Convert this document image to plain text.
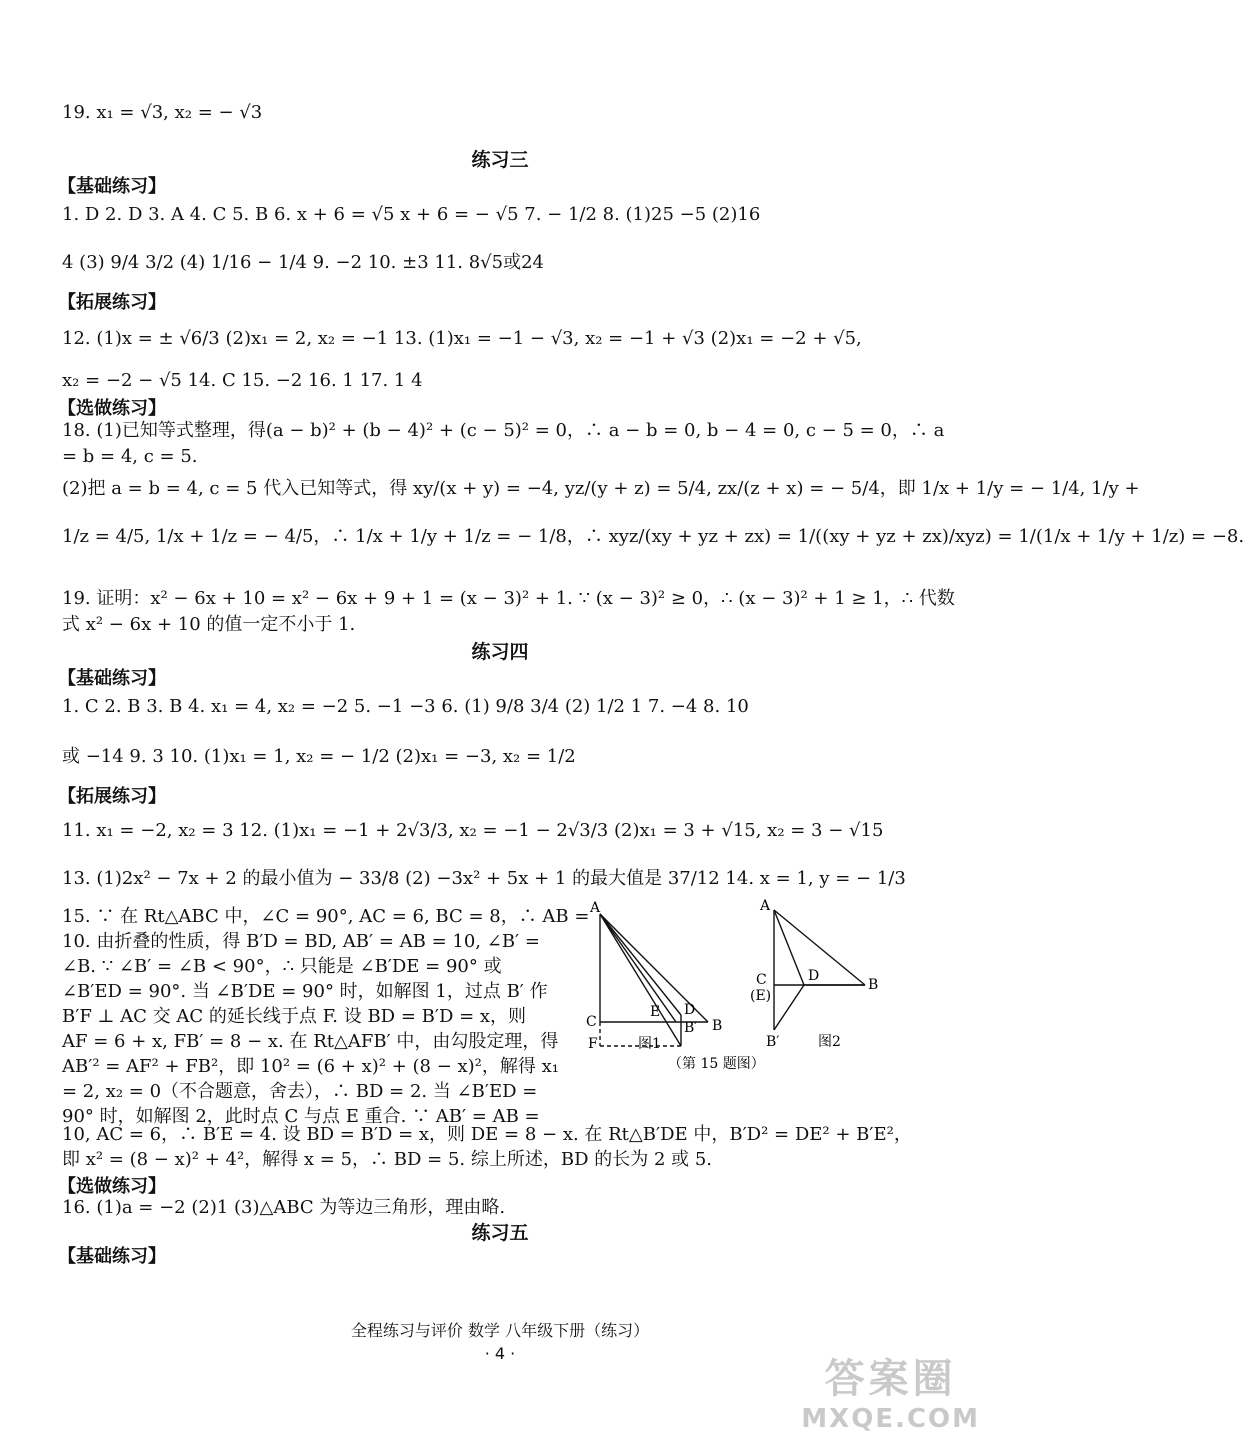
19. x₁ = √3, x₂ = − √3
练习三
【基础练习】
1. D 2. D 3. A 4. C 5. B 6. x + 6 = √5 x + 6 = − √5 7. − 1/2 8. (1)25 −5 (2)16
4 (3) 9/4 3/2 (4) 1/16 − 1/4 9. −2 10. ±3 11. 8√5或24
【拓展练习】
12. (1)x = ± √6/3 (2)x₁ = 2, x₂ = −1 13. (1)x₁ = −1 − √3, x₂ = −1 + √3 (2)x₁ = −2 + √5,
x₂ = −2 − √5 14. C 15. −2 16. 1 17. 1 4
【选做练习】
18. (1)已知等式整理，得(a − b)² + (b − 4)² + (c − 5)² = 0，∴ a − b = 0, b − 4 = 0, c − 5 = 0，∴ a
= b = 4, c = 5.
(2)把 a = b = 4, c = 5 代入已知等式，得 xy/(x + y) = −4, yz/(y + z) = 5/4, zx/(z + x) = − 5/4，即 1/x + 1/y = − 1/4, 1/y +
1/z = 4/5, 1/x + 1/z = − 4/5，∴ 1/x + 1/y + 1/z = − 1/8，∴ xyz/(xy + yz + zx) = 1/((xy + yz + zx)/xyz) = 1/(1/x + 1/y + 1/z) = −8.
19. 证明：x² − 6x + 10 = x² − 6x + 9 + 1 = (x − 3)² + 1. ∵ (x − 3)² ≥ 0，∴ (x − 3)² + 1 ≥ 1，∴ 代数
式 x² − 6x + 10 的值一定不小于 1.
练习四
【基础练习】
1. C 2. B 3. B 4. x₁ = 4, x₂ = −2 5. −1 −3 6. (1) 9/8 3/4 (2) 1/2 1 7. −4 8. 10
或 −14 9. 3 10. (1)x₁ = 1, x₂ = − 1/2 (2)x₁ = −3, x₂ = 1/2
【拓展练习】
11. x₁ = −2, x₂ = 3 12. (1)x₁ = −1 + 2√3/3, x₂ = −1 − 2√3/3 (2)x₁ = 3 + √15, x₂ = 3 − √15
13. (1)2x² − 7x + 2 的最小值为 − 33/8 (2) −3x² + 5x + 1 的最大值是 37/12 14. x = 1, y = − 1/3
15. ∵ 在 Rt△ABC 中，∠C = 90°, AC = 6, BC = 8，∴ AB =
10. 由折叠的性质，得 B′D = BD, AB′ = AB = 10, ∠B′ =
∠B. ∵ ∠B′ = ∠B < 90°，∴ 只能是 ∠B′DE = 90° 或
∠B′ED = 90°. 当 ∠B′DE = 90° 时，如解图 1，过点 B′ 作
B′F ⊥ AC 交 AC 的延长线于点 F. 设 BD = B′D = x，则
AF = 6 + x, FB′ = 8 − x. 在 Rt△AFB′ 中，由勾股定理，得
AB′² = AF² + FB²，即 10² = (6 + x)² + (8 − x)²，解得 x₁
= 2, x₂ = 0（不合题意，舍去），∴ BD = 2. 当 ∠B′ED =
90° 时，如解图 2，此时点 C 与点 E 重合. ∵ AB′ = AB =
10, AC = 6，∴ B′E = 4. 设 BD = B′D = x，则 DE = 8 − x. 在 Rt△B′DE 中，B′D² = DE² + B′E²，
即 x² = (8 − x)² + 4²，解得 x = 5，∴ BD = 5. 综上所述，BD 的长为 2 或 5.
A
C
E D
B
F
B′
图1
A
C
(E)
D
B
B′	图2
（第 15 题图）
【选做练习】
16. (1)a = −2 (2)1 (3)△ABC 为等边三角形，理由略.
练习五
【基础练习】
全程练习与评价 数学 八年级下册（练习）
· 4 ·
答案圈
MXQE.COM
